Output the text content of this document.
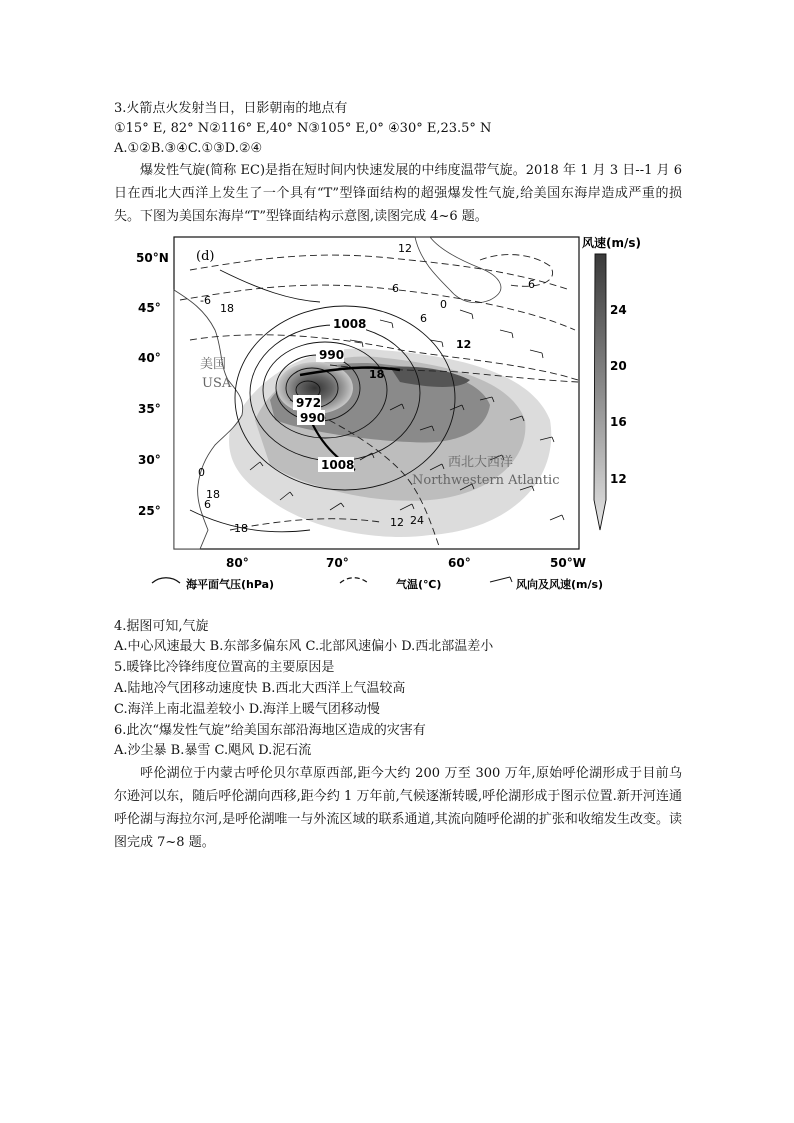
3.火箭点火发射当日，日影朝南的地点有
①15° E, 82° N②116° E,40° N③105° E,0° ④30° E,23.5° N
A.①②B.③④C.①③D.②④
爆发性气旋(简称 EC)是指在短时间内快速发展的中纬度温带气旋。2018 年 1 月 3 日--1 月 6 日在西北大西洋上发生了一个具有“T”型锋面结构的超强爆发性气旋,给美国东海岸造成严重的损失。下图为美国东海岸“T”型锋面结构示意图,读图完成 4~6 题。
(d)
50°N
45°
40°
35°
30°
25°
80°	70°	60°	50°W
美国
USA
西北大西洋
Northwestern Atlantic
1008
990
972
990
1008
12
6
6
0
18
12
6
24
18
0
6
-6
18
18
12
风速(m/s)
24
20
16
12
海平面气压(hPa)	气温(℃)	风向及风速(m/s)
4.据图可知,气旋
A.中心风速最大 B.东部多偏东风 C.北部风速偏小 D.西北部温差小
5.暖锋比冷锋纬度位置高的主要原因是
A.陆地冷气团移动速度快 B.西北大西洋上气温较高
C.海洋上南北温差较小 D.海洋上暖气团移动慢
6.此次“爆发性气旋”给美国东部沿海地区造成的灾害有
A.沙尘暴 B.暴雪 C.飓风 D.泥石流
呼伦湖位于内蒙古呼伦贝尔草原西部,距今大约 200 万至 300 万年,原始呼伦湖形成于目前乌尔逊河以东，随后呼伦湖向西移,距今约 1 万年前,气候逐渐转暖,呼伦湖形成于图示位置.新开河连通呼伦湖与海拉尔河,是呼伦湖唯一与外流区域的联系通道,其流向随呼伦湖的扩张和收缩发生改变。读图完成 7~8 题。
